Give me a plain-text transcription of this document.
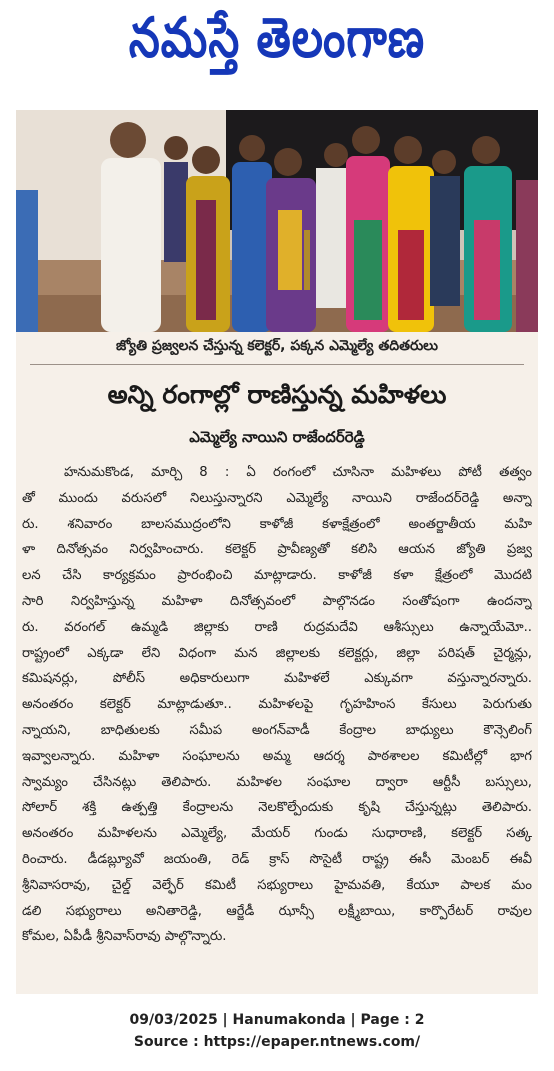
నమస్తే తెలంగాణ
జ్యోతి ప్రజ్వలన చేస్తున్న కలెక్టర్, పక్కన ఎమ్మెల్యే తదితరులు
అన్ని రంగాల్లో రాణిస్తున్న మహిళలు
ఎమ్మెల్యే నాయిని రాజేందర్‌రెడ్డి
హనుమకొండ, మార్చి 8 : ఏ రంగంలో చూసినా మహిళలు పోటీ తత్వం
తో ముందు వరుసలో నిలుస్తున్నారని ఎమ్మెల్యే నాయిని రాజేందర్‌రెడ్డి అన్నా
రు. శనివారం బాలసముద్రంలోని కాళోజీ కళాక్షేత్రంలో అంతర్జాతీయ మహి
ళా దినోత్సవం నిర్వహించారు. కలెక్టర్ ప్రావీణ్యతో కలిసి ఆయన జ్యోతి ప్రజ్వ
లన చేసి కార్యక్రమం ప్రారంభించి మాట్లాడారు. కాళోజీ కళా క్షేత్రంలో మొదటి
సారి నిర్వహిస్తున్న మహిళా దినోత్సవంలో పాల్గొనడం సంతోషంగా ఉందన్నా
రు. వరంగల్ ఉమ్మడి జిల్లాకు రాణి రుద్రమదేవి ఆశీస్సులు ఉన్నాయేమో..
రాష్ట్రంలో ఎక్కడా లేని విధంగా మన జిల్లాలకు కలెక్టర్లు, జిల్లా పరిషత్ చైర్మన్లు,
కమిషనర్లు, పోలీస్ అధికారులుగా మహిళలే ఎక్కువగా వస్తున్నారన్నారు.
అనంతరం కలెక్టర్ మాట్లాడుతూ.. మహిళలపై గృహహింస కేసులు పెరుగుతు
న్నాయని, బాధితులకు సమీప అంగన్‌వాడీ కేంద్రాల బాధ్యులు కౌన్సెలింగ్
ఇవ్వాలన్నారు. మహిళా సంఘాలను అమ్మ ఆదర్శ పాఠశాలల కమిటీల్లో భాగ
స్వామ్యం చేసినట్లు తెలిపారు. మహిళల సంఘాల ద్వారా ఆర్టీసీ బస్సులు,
సోలార్ శక్తి ఉత్పత్తి కేంద్రాలను నెలకొల్పేందుకు కృషి చేస్తున్నట్లు తెలిపారు.
అనంతరం మహిళలను ఎమ్మెల్యే, మేయర్ గుండు సుధారాణి, కలెక్టర్ సత్క
రించారు. డీడబ్ల్యూవో జయంతి, రెడ్ క్రాస్ సొసైటీ రాష్ట్ర ఈసీ మెంబర్ ఈవీ
శ్రీనివాసరావు, చైల్డ్ వెల్ఫేర్ కమిటీ సభ్యురాలు హైమవతి, కేయూ పాలక మం
డలి సభ్యురాలు అనితారెడ్డి, ఆర్జేడీ ఝాన్సీ లక్ష్మీబాయి, కార్పొరేటర్ రావుల
కోమల, ఏపీడీ శ్రీనివాస్‌రావు పాల్గొన్నారు.
09/03/2025 | Hanumakonda | Page : 2
Source : https://epaper.ntnews.com/
